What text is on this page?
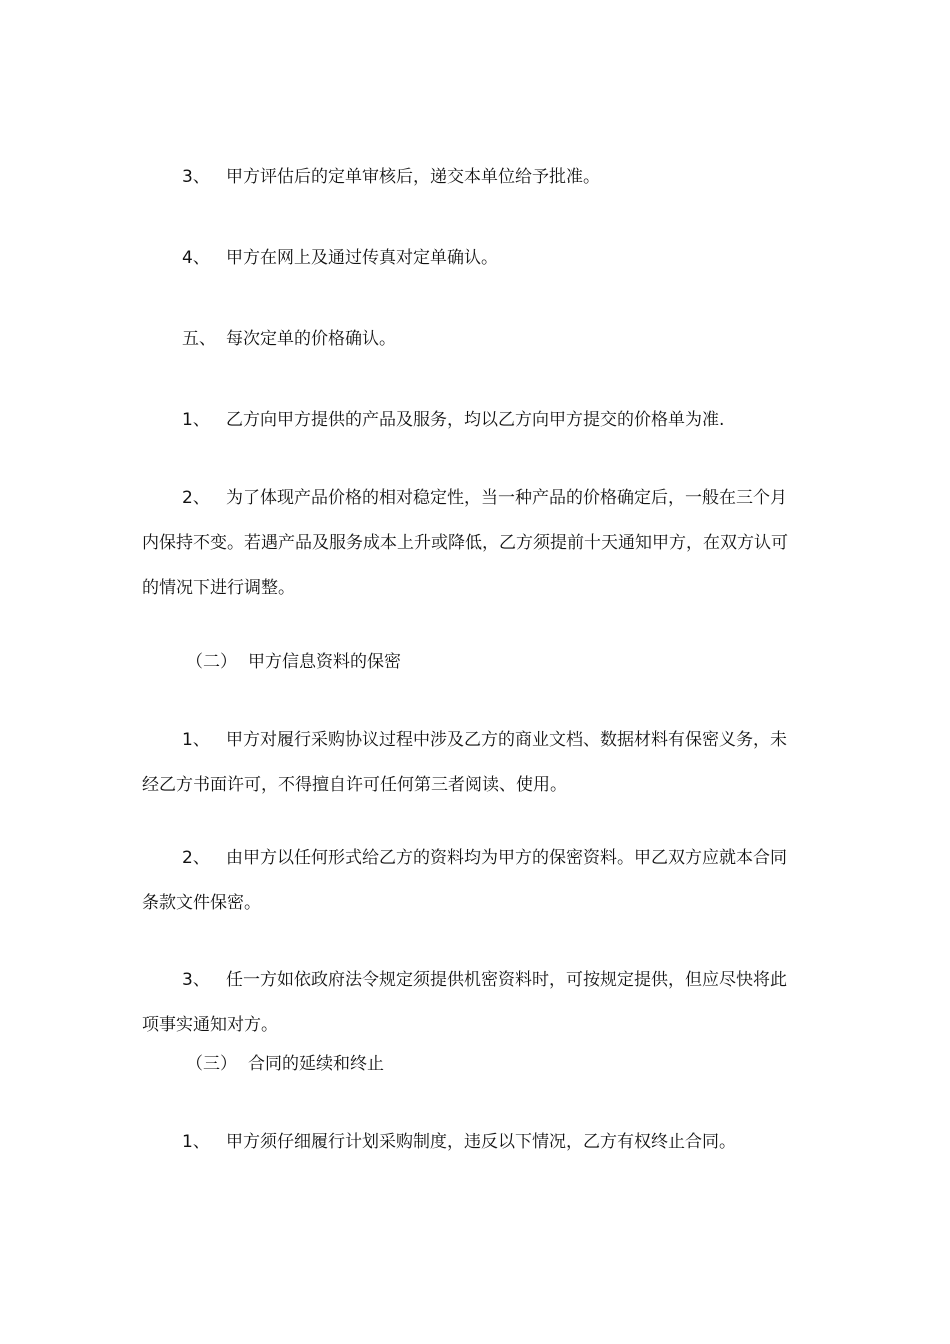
3、 甲方评估后的定单审核后，递交本单位给予批准。

4、 甲方在网上及通过传真对定单确认。

五、 每次定单的价格确认。

1、 乙方向甲方提供的产品及服务，均以乙方向甲方提交的价格单为准.

2、 为了体现产品价格的相对稳定性，当一种产品的价格确定后，一般在三个月内保持不变。若遇产品及服务成本上升或降低，乙方须提前十天通知甲方，在双方认可的情况下进行调整。

（二） 甲方信息资料的保密

1、 甲方对履行采购协议过程中涉及乙方的商业文档、数据材料有保密义务，未经乙方书面许可，不得擅自许可任何第三者阅读、使用。

2、 由甲方以任何形式给乙方的资料均为甲方的保密资料。甲乙双方应就本合同条款文件保密。

3、 任一方如依政府法令规定须提供机密资料时，可按规定提供，但应尽快将此项事实通知对方。

（三） 合同的延续和终止

1、 甲方须仔细履行计划采购制度，违反以下情况，乙方有权终止合同。
